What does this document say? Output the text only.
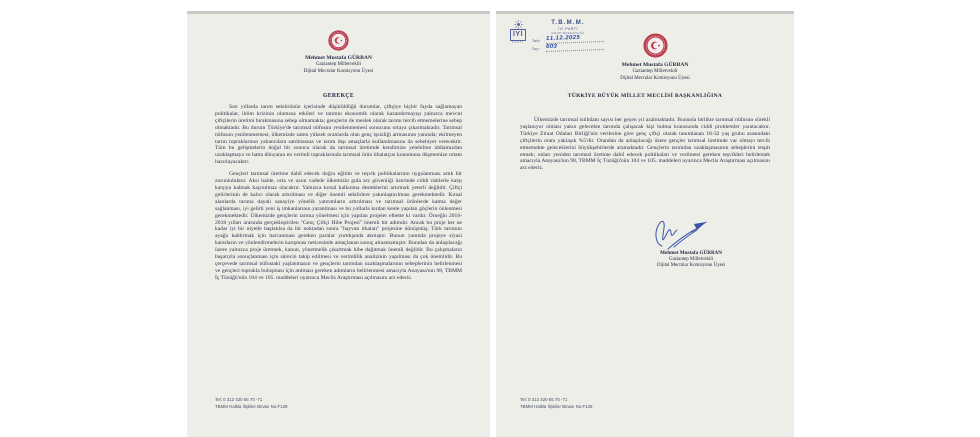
Mehmet Mustafa GÜRBAN
Gaziantep Milletvekili
Dijital Mecralar Komisyonu Üyesi
GEREKÇE

Son yıllarda tarım sektörünün içerisinde düşürüldüğü durumlar, çiftçiye hiçbir fayda sağlamayan politikalar, iklim krizinin olumsuz etkileri ve tarımın ekonomik olarak kazandırmayışı yalnızca mevcut çiftçilerin üretimi bırakmasına sebep olmamakta; gençlerin de meslek olarak tarımı tercih etmemelerine sebep olmaktadır. Bu durum Türkiye'de tarımsal nüfusun yenilenmemesi sonucunu ortaya çıkarmaktadır. Tarımsal nüfusun yenilenmemesi, ülkemizde zaten yüksek oranlarda olan genç işsizliği artmasının yanında; ekilmeyen tarım topraklarının yabancılara satılmasına ve tarım dışı amaçlarla kullanılmasına da sebebiyet verecektir. Tüm bu gelişmelerin doğal bir sonucu olarak da tarımsal üretimde kendimize yetebilme iddiamızdan uzaklaşmaya ve hatta dünyanın en verimli topraklarında tarımsal ürün ithalatçısı konumuna düşmemize ortam hazırlayacaktır.

Gençleri tarımsal üretime dahil edecek doğru eğitim ve teşvik politikalarının uygulanması artık bir zorunluluktur. Aksi halde, orta ve uzun vadede ülkemizin gıda arz güvenliği üzerinde ciddi risklerle karşı karşıya kalmak kaçınılmaz olacaktır. Yalnızca kırsal kalkınma desteklerini artırmak yeterli değildir. Çiftçi gelirlerinin de kalıcı olarak artırılması ve diğer önemli sektörlere yakınlaştırılması gerekmektedir. Kırsal alanlarda tarıma dayalı sanayiye yönelik yatırımların artırılması ve tarımsal ürünlerde katma değer sağlanması, iyi gelirli yeni iş imkanlarının yaratılması ve bu yollarla kırdan kente yapılan göçlerin önlenmesi gerekmektedir. Ülkemizde gençlerin tarıma yönelmesi için yapılan projeler elbette ki vardır. Örneğin 2016-2018 yılları arasında gerçekleştirilen "Genç Çiftçi Hibe Projesi" önemli bir adımdır. Ancak bu proje her ne kadar iyi bir niyetle başlatılsa da bir noktadan sonra "hayvan ithalatı" projesine dönüşmüş; Türk tarımını ayağa kaldırmak için harcanması gereken paralar yurtdışında akmıştır. Bunun yanında projeye siyasi kararların ve yönlendirmelerin karışması neticesinde amaçlanan sonuç alınamamıştır. Buradan da anlaşılacağı üzere yalnızca proje üretmek, kanun, yönetmelik çıkartmak hibe dağıtmak önemli değildir. Bu çalışmaların başarıyla sonuçlanması için sürecin takip edilmesi ve verimlilik analizinin yapılması da çok önemlidir. Bu çerçevede tarımsal nüfustaki yaşlanmanın ve gençlerin tarımdan uzaklaşmalarının sebeplerinin belirlenmesi ve gençleri toprakla buluşması için atılması gereken adımların belirlenmesi amacıyla Anayasa'nın 98, TBMM İç Tüzüğü'nün 104 ve 105. maddeleri uyarınca Meclis Araştırması açılmasını arz ederiz.

Tel: 0 312 420 65 70 -71
TBMM Halkla İlişkiler Binası No:F129
İYİ
PARTİ
T.B.M.M.
İYİ PARTİ
GRUP BAŞKANLIĞI
Tarih : 11.12.2025
Sayı : 603
Mehmet Mustafa GÜRBAN
Gaziantep Milletvekili
Dijital Mecralar Komisyonu Üyesi
TÜRKİYE BÜYÜK MİLLET MECLİSİ BAŞKANLIĞINA

Ülkemizde tarımsal istihdam sayısı her geçen yıl azalmaktadır. Bununla birlikte tarımsal nüfusun sürekli yaşlanıyor olması yakın gelecekte tarımda çalışacak kişi bulma konusunda ciddi problemler yaratacaktır. Türkiye Ziraat Odaları Birliği'nin verilerine göre genç çiftçi olarak tanımlanan 18-32 yaş grubu arasındaki çiftçilerin oranı yaklaşık %5'dir. Orandan da anlaşılacağı üzere gençler tarımsal üretimde var olmayı tercih etmemekte geleceklerini büyükşehirlerde aramaktadır. Gençlerin tarımdan uzaklaşmasının sebeplerini tespit etmek; onları yeniden tarımsal üretime dahil edecek politikaları ve verilmesi gereken teşvikleri belirlemek amacıyla Anayasa'nın 98, TBMM İç Tüzüğü'nün 104 ve 105. maddeleri uyarınca Meclis Araştırması açılmasını arz ederiz.

Mehmet Mustafa GÜRBAN
Gaziantep Milletvekili
Dijital Mecralar Komisyonu Üyesi
Tel: 0 312 420 65 70 -71
TBMM Halkla İlişkiler Binası No:F129
